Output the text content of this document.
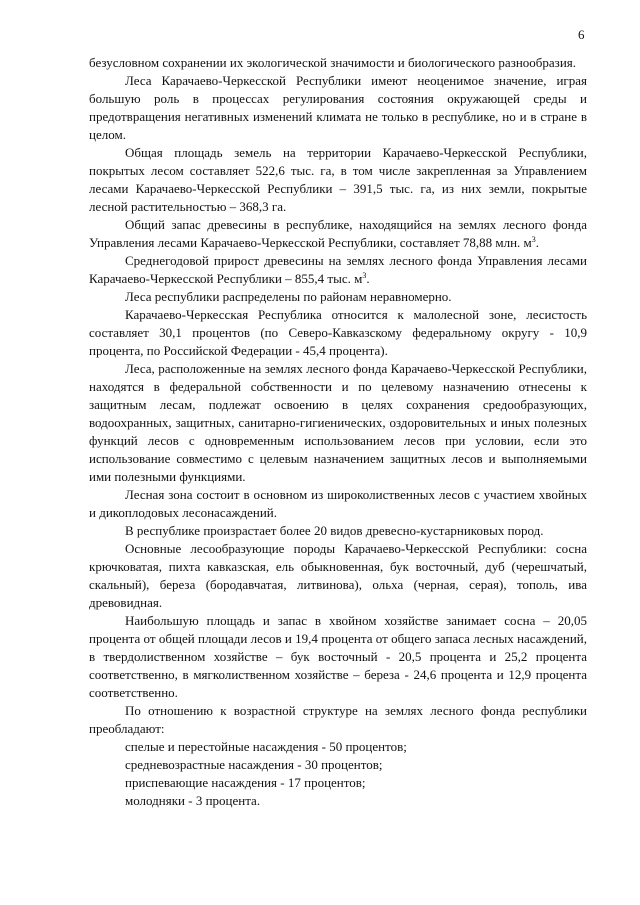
6

безусловном сохранении их экологической значимости и биологического разнообразия.

Леса Карачаево-Черкесской Республики имеют неоценимое значение, играя большую роль в процессах регулирования состояния окружающей среды и предотвращения негативных изменений климата не только в республике, но и в стране в целом.

Общая площадь земель на территории Карачаево-Черкесской Республики, покрытых лесом составляет 522,6 тыс. га, в том числе закрепленная за Управлением лесами Карачаево-Черкесской Республики – 391,5 тыс. га, из них земли, покрытые лесной растительностью – 368,3 га.

Общий запас древесины в республике, находящийся на землях лесного фонда Управления лесами Карачаево-Черкесской Республики, составляет 78,88 млн. $м^3$.

Среднегодовой прирост древесины на землях лесного фонда Управления лесами Карачаево-Черкесской Республики – 855,4 тыс. $м^3$.

Леса республики распределены по районам неравномерно.

Карачаево-Черкесская Республика относится к малолесной зоне, лесистость составляет 30,1 процентов (по Северо-Кавказскому федеральному округу - 10,9 процента, по Российской Федерации - 45,4 процента).

Леса, расположенные на землях лесного фонда Карачаево-Черкесской Республики, находятся в федеральной собственности и по целевому назначению отнесены к защитным лесам, подлежат освоению в целях сохранения средообразующих, водоохранных, защитных, санитарно-гигиенических, оздоровительных и иных полезных функций лесов с одновременным использованием лесов при условии, если это использование совместимо с целевым назначением защитных лесов и выполняемыми ими полезными функциями.

Лесная зона состоит в основном из широколиственных лесов с участием хвойных и дикоплодовых лесонасаждений.

В республике произрастает более 20 видов древесно-кустарниковых пород.

Основные лесообразующие породы Карачаево-Черкесской Республики: сосна крючковатая, пихта кавказская, ель обыкновенная, бук восточный, дуб (черешчатый, скальный), береза (бородавчатая, литвинова), ольха (черная, серая), тополь, ива древовидная.

Наибольшую площадь и запас в хвойном хозяйстве занимает сосна – 20,05 процента от общей площади лесов и 19,4 процента от общего запаса лесных насаждений, в твердолиственном хозяйстве – бук восточный - 20,5 процента и 25,2 процента соответственно, в мягколиственном хозяйстве – береза - 24,6 процента и 12,9 процента соответственно.

По отношению к возрастной структуре на землях лесного фонда республики преобладают:

спелые и перестойные насаждения - 50 процентов;
средневозрастные насаждения - 30 процентов;
приспевающие насаждения - 17 процентов;
молодняки - 3 процента.
